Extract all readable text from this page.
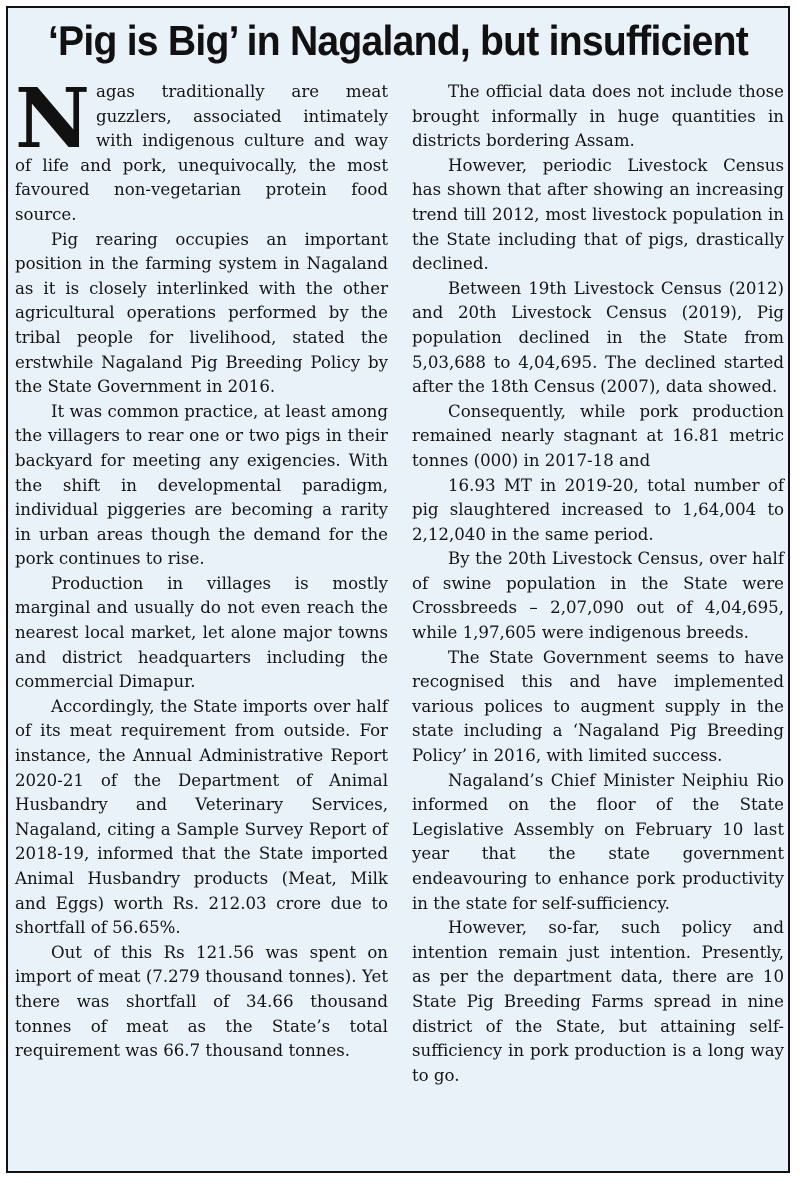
‘Pig is Big’ in Nagaland, but insufficient

Nagas traditionally are meat guzzlers, associated intimately with indigenous culture and way of life and pork, unequivocally, the most favoured non-vegetarian protein food source.

Pig rearing occupies an important position in the farming system in Nagaland as it is closely interlinked with the other agricultural operations performed by the tribal people for livelihood, stated the erstwhile Nagaland Pig Breeding Policy by the State Government in 2016.

It was common practice, at least among the villagers to rear one or two pigs in their backyard for meeting any exigencies. With the shift in developmental paradigm, individual piggeries are becoming a rarity in urban areas though the demand for the pork continues to rise.

Production in villages is mostly marginal and usually do not even reach the nearest local market, let alone major towns and district headquarters including the commercial Dimapur.

Accordingly, the State imports over half of its meat requirement from outside. For instance, the Annual Administrative Report 2020-21 of the Department of Animal Husbandry and Veterinary Services, Nagaland, citing a Sample Survey Report of 2018-19, informed that the State imported Animal Husbandry products (Meat, Milk and Eggs) worth Rs. 212.03 crore due to shortfall of 56.65%.

Out of this Rs 121.56 was spent on import of meat (7.279 thousand tonnes). Yet there was shortfall of 34.66 thousand tonnes of meat as the State’s total requirement was 66.7 thousand tonnes.

The official data does not include those brought informally in huge quantities in districts bordering Assam.

However, periodic Livestock Census has shown that after showing an increasing trend till 2012, most livestock population in the State including that of pigs, drastically declined.

Between 19th Livestock Census (2012) and 20th Livestock Census (2019), Pig population declined in the State from 5,03,688 to 4,04,695. The declined started after the 18th Census (2007), data showed.

Consequently, while pork production remained nearly stagnant at 16.81 metric tonnes (000) in 2017-18 and

16.93 MT in 2019-20, total number of pig slaughtered increased to 1,64,004 to 2,12,040 in the same period.

By the 20th Livestock Census, over half of swine population in the State were Crossbreeds – 2,07,090 out of 4,04,695, while 1,97,605 were indigenous breeds.

The State Government seems to have recognised this and have implemented various polices to augment supply in the state including a ‘Nagaland Pig Breeding Policy’ in 2016, with limited success.

Nagaland’s Chief Minister Neiphiu Rio informed on the floor of the State Legislative Assembly on February 10 last year that the state government endeavouring to enhance pork productivity in the state for self-sufficiency.

However, so-far, such policy and intention remain just intention. Presently, as per the department data, there are 10 State Pig Breeding Farms spread in nine district of the State, but attaining self-sufficiency in pork production is a long way to go.
